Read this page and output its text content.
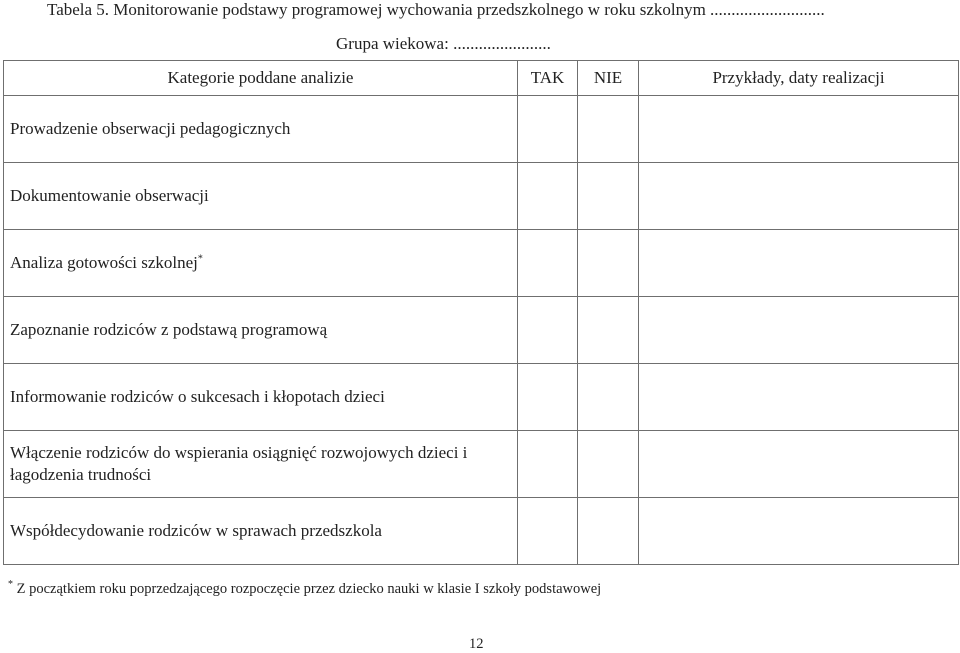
Tabela 5. Monitorowanie podstawy programowej wychowania przedszkolnego w roku szkolnym ...........................
Grupa wiekowa: .......................
Kategorie poddane analizie	TAK	NIE	Przykłady, daty realizacji
Prowadzenie obserwacji pedagogicznych			
Dokumentowanie obserwacji			
Analiza gotowości szkolnej*			
Zapoznanie rodziców z podstawą programową			
Informowanie rodziców o sukcesach i kłopotach dzieci			
Włączenie rodziców do wspierania osiągnięć rozwojowych dzieci i łagodzenia trudności			
Współdecydowanie rodziców w sprawach przedszkola			
* Z początkiem roku poprzedzającego rozpoczęcie przez dziecko nauki w klasie I szkoły podstawowej
12
